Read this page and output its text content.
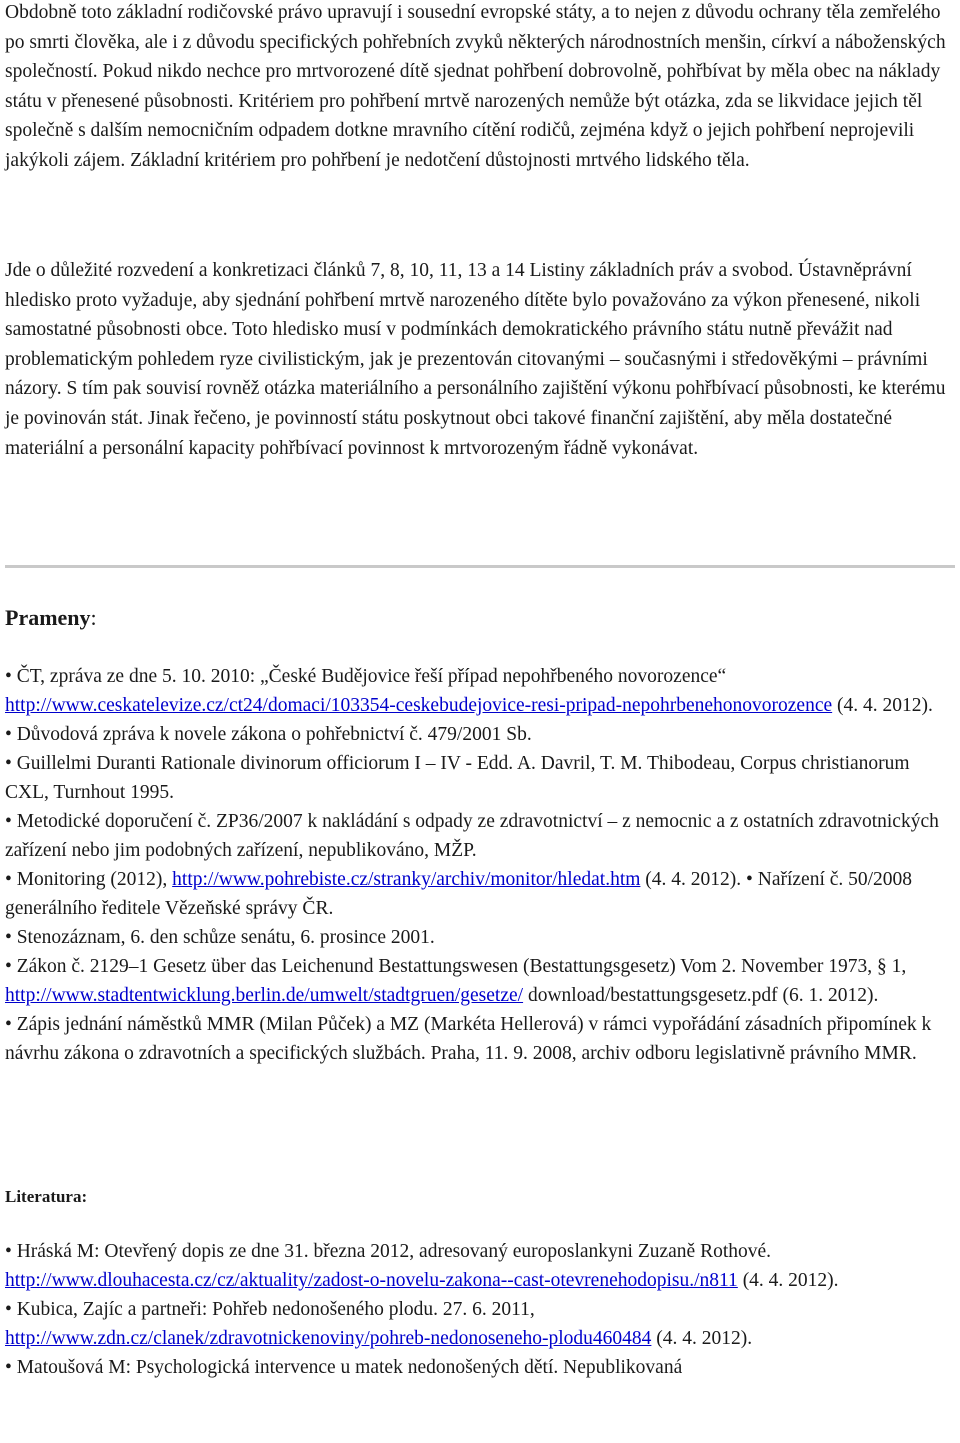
Obdobně toto základní rodičovské právo upravují i sousední evropské státy, a to nejen z důvodu ochrany těla zemřelého po smrti člověka, ale i z důvodu specifických pohřebních zvyků některých národnostních menšin, církví a náboženských společností. Pokud nikdo nechce pro mrtvorozené dítě sjednat pohřbení dobrovolně, pohřbívat by měla obec na náklady státu v přenesené působnosti. Kritériem pro pohřbení mrtvě narozených nemůže být otázka, zda se likvidace jejich těl společně s dalším nemocničním odpadem dotkne mravního cítění rodičů, zejména když o jejich pohřbení neprojevili jakýkoli zájem. Základní kritériem pro pohřbení je nedotčení důstojnosti mrtvého lidského těla.

Jde o důležité rozvedení a konkretizaci článků 7, 8, 10, 11, 13 a 14 Listiny základních práv a svobod. Ústavněprávní hledisko proto vyžaduje, aby sjednání pohřbení mrtvě narozeného dítěte bylo považováno za výkon přenesené, nikoli samostatné působnosti obce. Toto hledisko musí v podmínkách demokratického právního státu nutně převážit nad problematickým pohledem ryze civilistickým, jak je prezentován citovanými – současnými i středověkými – právními názory. S tím pak souvisí rovněž otázka materiálního a personálního zajištění výkonu pohřbívací působnosti, ke kterému je povinován stát. Jinak řečeno, je povinností státu poskytnout obci takové finanční zajištění, aby měla dostatečné materiální a personální kapacity pohřbívací povinnost k mrtvorozeným řádně vykonávat.

Prameny:

• ČT, zpráva ze dne 5. 10. 2010: „České Budějovice řeší případ nepohřbeného novorozence“ http://www.ceskatelevize.cz/ct24/domaci/103354-ceskebudejovice-resi-pripad-nepohrbenehonovorozence (4. 4. 2012).

• Důvodová zpráva k novele zákona o pohřebnictví č. 479/2001 Sb.

• Guillelmi Duranti Rationale divinorum officiorum I – IV - Edd. A. Davril, T. M. Thibodeau, Corpus christianorum CXL, Turnhout 1995.

• Metodické doporučení č. ZP36/2007 k nakládání s odpady ze zdravotnictví – z nemocnic a z ostatních zdravotnických zařízení nebo jim podobných zařízení, nepublikováno, MŽP.

• Monitoring (2012), http://www.pohrebiste.cz/stranky/archiv/monitor/hledat.htm (4. 4. 2012). • Nařízení č. 50/2008 generálního ředitele Vězeňské správy ČR.

• Stenozáznam, 6. den schůze senátu, 6. prosince 2001.

• Zákon č. 2129–1 Gesetz über das Leichenund Bestattungswesen (Bestattungsgesetz) Vom 2. November 1973, § 1, http://www.stadtentwicklung.berlin.de/umwelt/stadtgruen/gesetze/ download/bestattungsgesetz.pdf (6. 1. 2012).

• Zápis jednání náměstků MMR (Milan Půček) a MZ (Markéta Hellerová) v rámci vypořádání zásadních připomínek k návrhu zákona o zdravotních a specifických službách. Praha, 11. 9. 2008, archiv odboru legislativně právního MMR.

Literatura:

• Hráská M: Otevřený dopis ze dne 31. března 2012, adresovaný europoslankyni Zuzaně Rothové. http://www.dlouhacesta.cz/cz/aktuality/zadost-o-novelu-zakona--cast-otevrenehodopisu./n811 (4. 4. 2012).

• Kubica, Zajíc a partneři: Pohřeb nedonošeného plodu. 27. 6. 2011, http://www.zdn.cz/clanek/zdravotnickenoviny/pohreb-nedonoseneho-plodu460484 (4. 4. 2012).

• Matoušová M: Psychologická intervence u matek nedonošených dětí. Nepublikovaná
